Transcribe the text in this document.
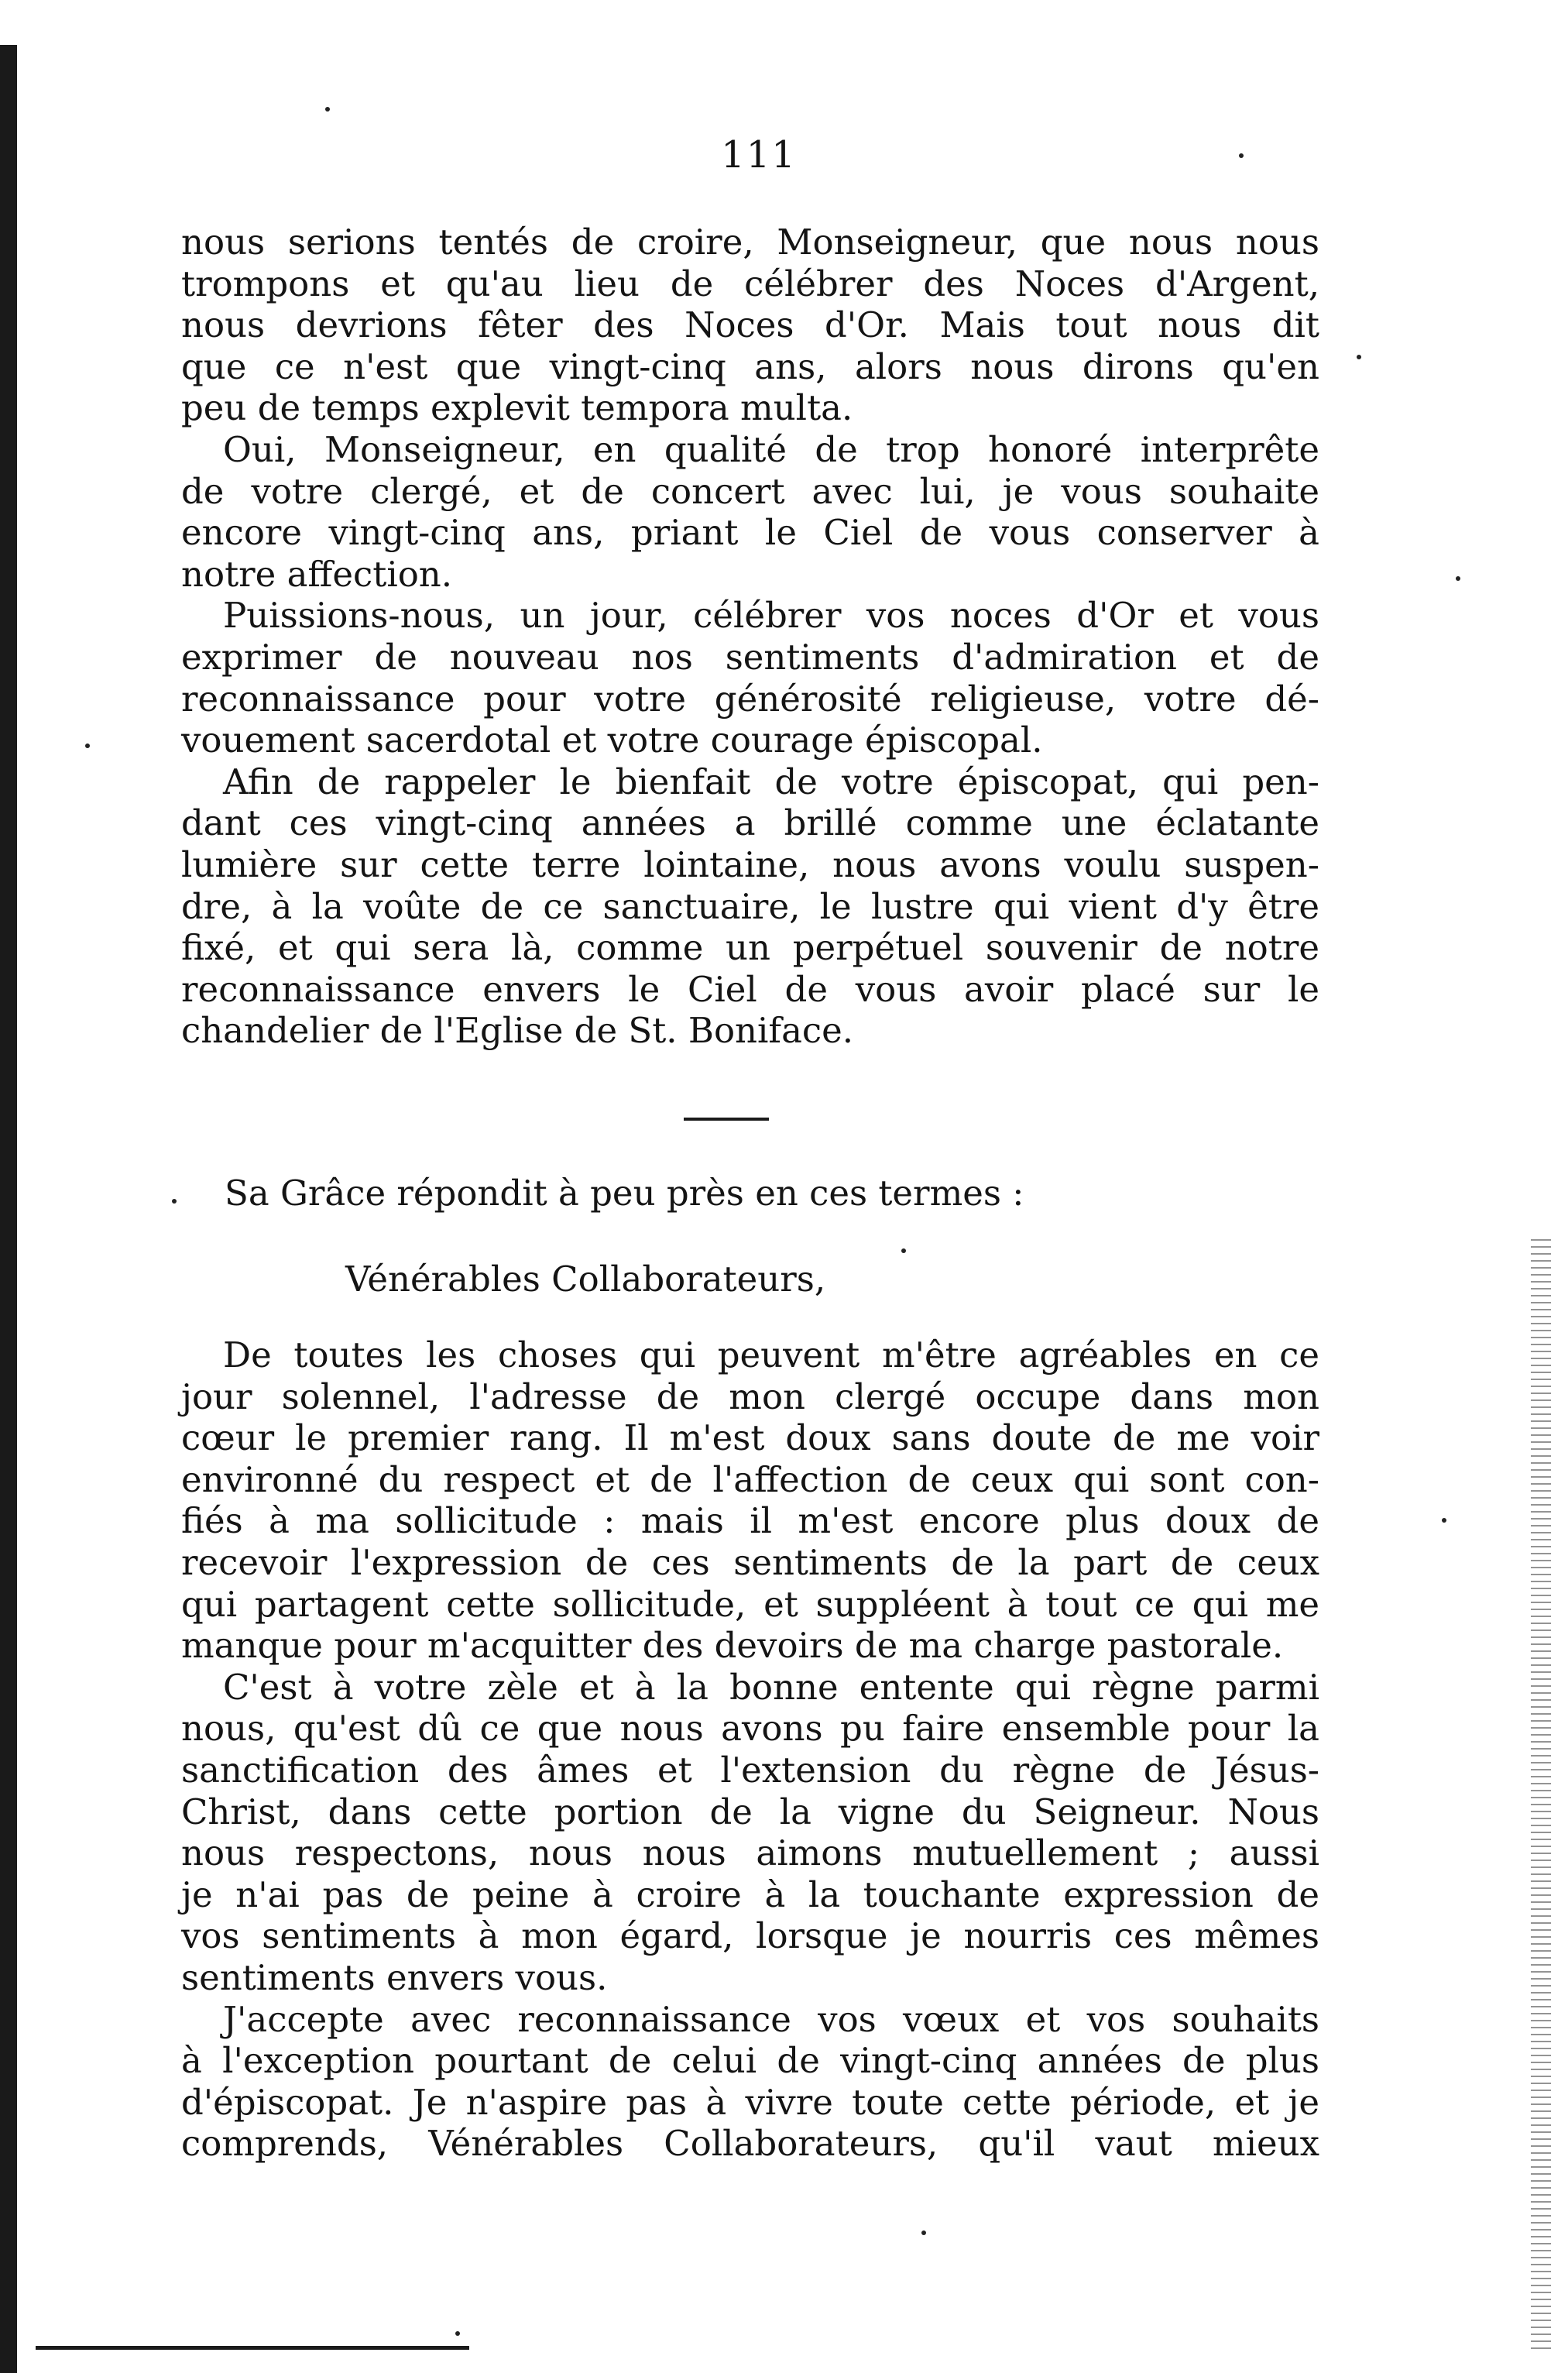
111

nous serions tentés de croire, Monseigneur, que nous nous

trompons et qu'au lieu de célébrer des Noces d'Argent,

nous devrions fêter des Noces d'Or. Mais tout nous dit

que ce n'est que vingt-cinq ans, alors nous dirons qu'en

peu de temps explevit tempora multa.

Oui, Monseigneur, en qualité de trop honoré interprête

de votre clergé, et de concert avec lui, je vous souhaite

encore vingt-cinq ans, priant le Ciel de vous conserver à

notre affection.

Puissions-nous, un jour, célébrer vos noces d'Or et vous

exprimer de nouveau nos sentiments d'admiration et de

reconnaissance pour votre générosité religieuse, votre dé-

vouement sacerdotal et votre courage épiscopal.

Afin de rappeler le bienfait de votre épiscopat, qui pen-

dant ces vingt-cinq années a brillé comme une éclatante

lumière sur cette terre lointaine, nous avons voulu suspen-

dre, à la voûte de ce sanctuaire, le lustre qui vient d'y être

fixé, et qui sera là, comme un perpétuel souvenir de notre

reconnaissance envers le Ciel de vous avoir placé sur le

chandelier de l'Eglise de St. Boniface.

Sa Grâce répondit à peu près en ces termes :
Vénérables Collaborateurs,

De toutes les choses qui peuvent m'être agréables en ce

jour solennel, l'adresse de mon clergé occupe dans mon

cœur le premier rang. Il m'est doux sans doute de me voir

environné du respect et de l'affection de ceux qui sont con-

fiés à ma sollicitude : mais il m'est encore plus doux de

recevoir l'expression de ces sentiments de la part de ceux

qui partagent cette sollicitude, et suppléent à tout ce qui me

manque pour m'acquitter des devoirs de ma charge pastorale.

C'est à votre zèle et à la bonne entente qui règne parmi

nous, qu'est dû ce que nous avons pu faire ensemble pour la

sanctification des âmes et l'extension du règne de Jésus-

Christ, dans cette portion de la vigne du Seigneur. Nous

nous respectons, nous nous aimons mutuellement ; aussi

je n'ai pas de peine à croire à la touchante expression de

vos sentiments à mon égard, lorsque je nourris ces mêmes

sentiments envers vous.

J'accepte avec reconnaissance vos vœux et vos souhaits

à l'exception pourtant de celui de vingt-cinq années de plus

d'épiscopat. Je n'aspire pas à vivre toute cette période, et je

comprends, Vénérables Collaborateurs, qu'il vaut mieux
